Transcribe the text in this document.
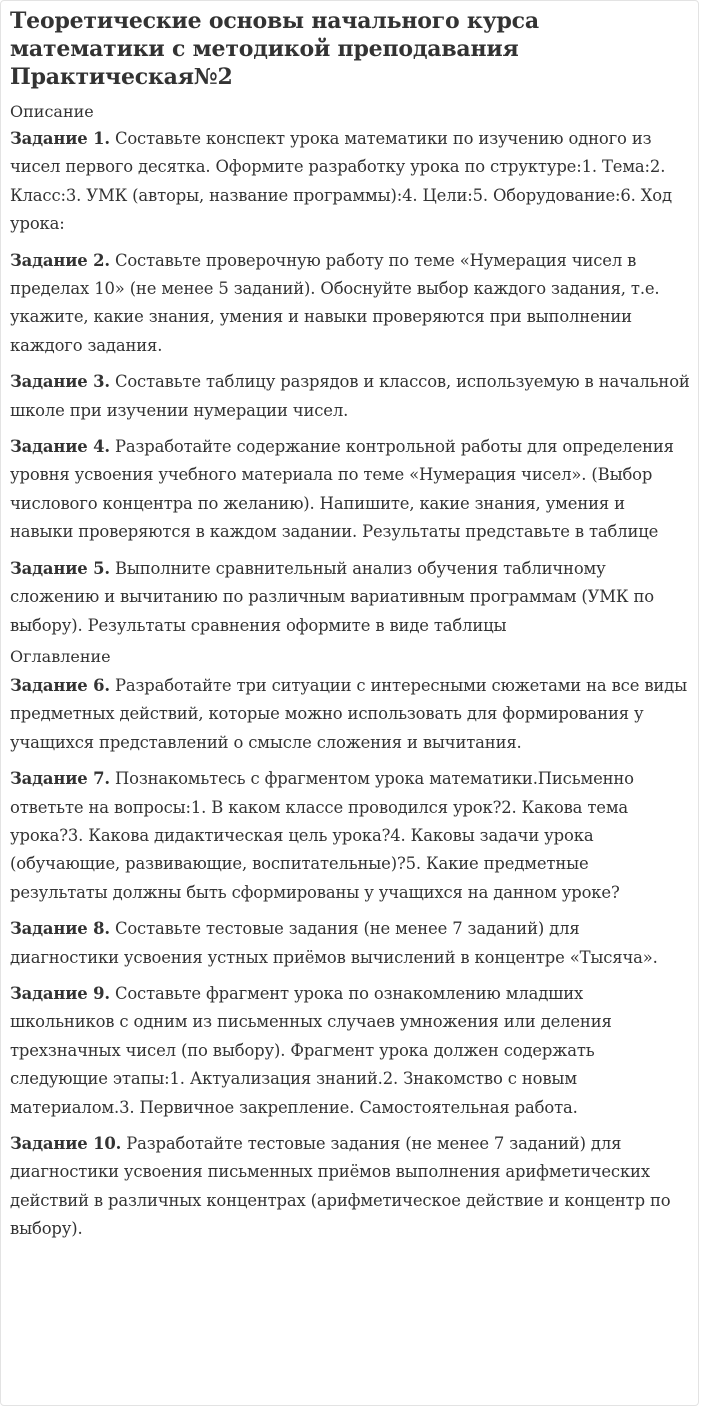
Теоретические основы начального курса математики с методикой преподавания Практическая№2
Описание

Задание 1. Составьте конспект урока математики по изучению одного из чисел первого десятка. Оформите разработку урока по структуре:1. Тема:2. Класс:3. УМК (авторы, название программы):4. Цели:5. Оборудование:6. Ход урока:

Задание 2. Составьте проверочную работу по теме «Нумерация чисел в пределах 10» (не менее 5 заданий). Обоснуйте выбор каждого задания, т.е. укажите, какие знания, умения и навыки проверяются при выполнении каждого задания.

Задание 3. Составьте таблицу разрядов и классов, используемую в начальной школе при изучении нумерации чисел.

Задание 4. Разработайте содержание контрольной работы для определения уровня усвоения учебного материала по теме «Нумерация чисел». (Выбор числового концентра по желанию). Напишите, какие знания, умения и навыки проверяются в каждом задании. Результаты представьте в таблице

Задание 5. Выполните сравнительный анализ обучения табличному сложению и вычитанию по различным вариативным программам (УМК по выбору). Результаты сравнения оформите в виде таблицы

Оглавление

Задание 6. Разработайте три ситуации с интересными сюжетами на все виды предметных действий, которые можно использовать для формирования у учащихся представлений о смысле сложения и вычитания.

Задание 7. Познакомьтесь с фрагментом урока математики.Письменно ответьте на вопросы:1. В каком классе проводился урок?2. Какова тема урока?3. Какова дидактическая цель урока?4. Каковы задачи урока (обучающие, развивающие, воспитательные)?5. Какие предметные результаты должны быть сформированы у учащихся на данном уроке?

Задание 8. Составьте тестовые задания (не менее 7 заданий) для диагностики усвоения устных приёмов вычислений в концентре «Тысяча».

Задание 9. Составьте фрагмент урока по ознакомлению младших школьников с одним из письменных случаев умножения или деления трехзначных чисел (по выбору). Фрагмент урока должен содержать следующие этапы:1. Актуализация знаний.2. Знакомство с новым материалом.3. Первичное закрепление. Самостоятельная работа.

Задание 10. Разработайте тестовые задания (не менее 7 заданий) для диагностики усвоения письменных приёмов выполнения арифметических действий в различных концентрах (арифметическое действие и концентр по выбору).
